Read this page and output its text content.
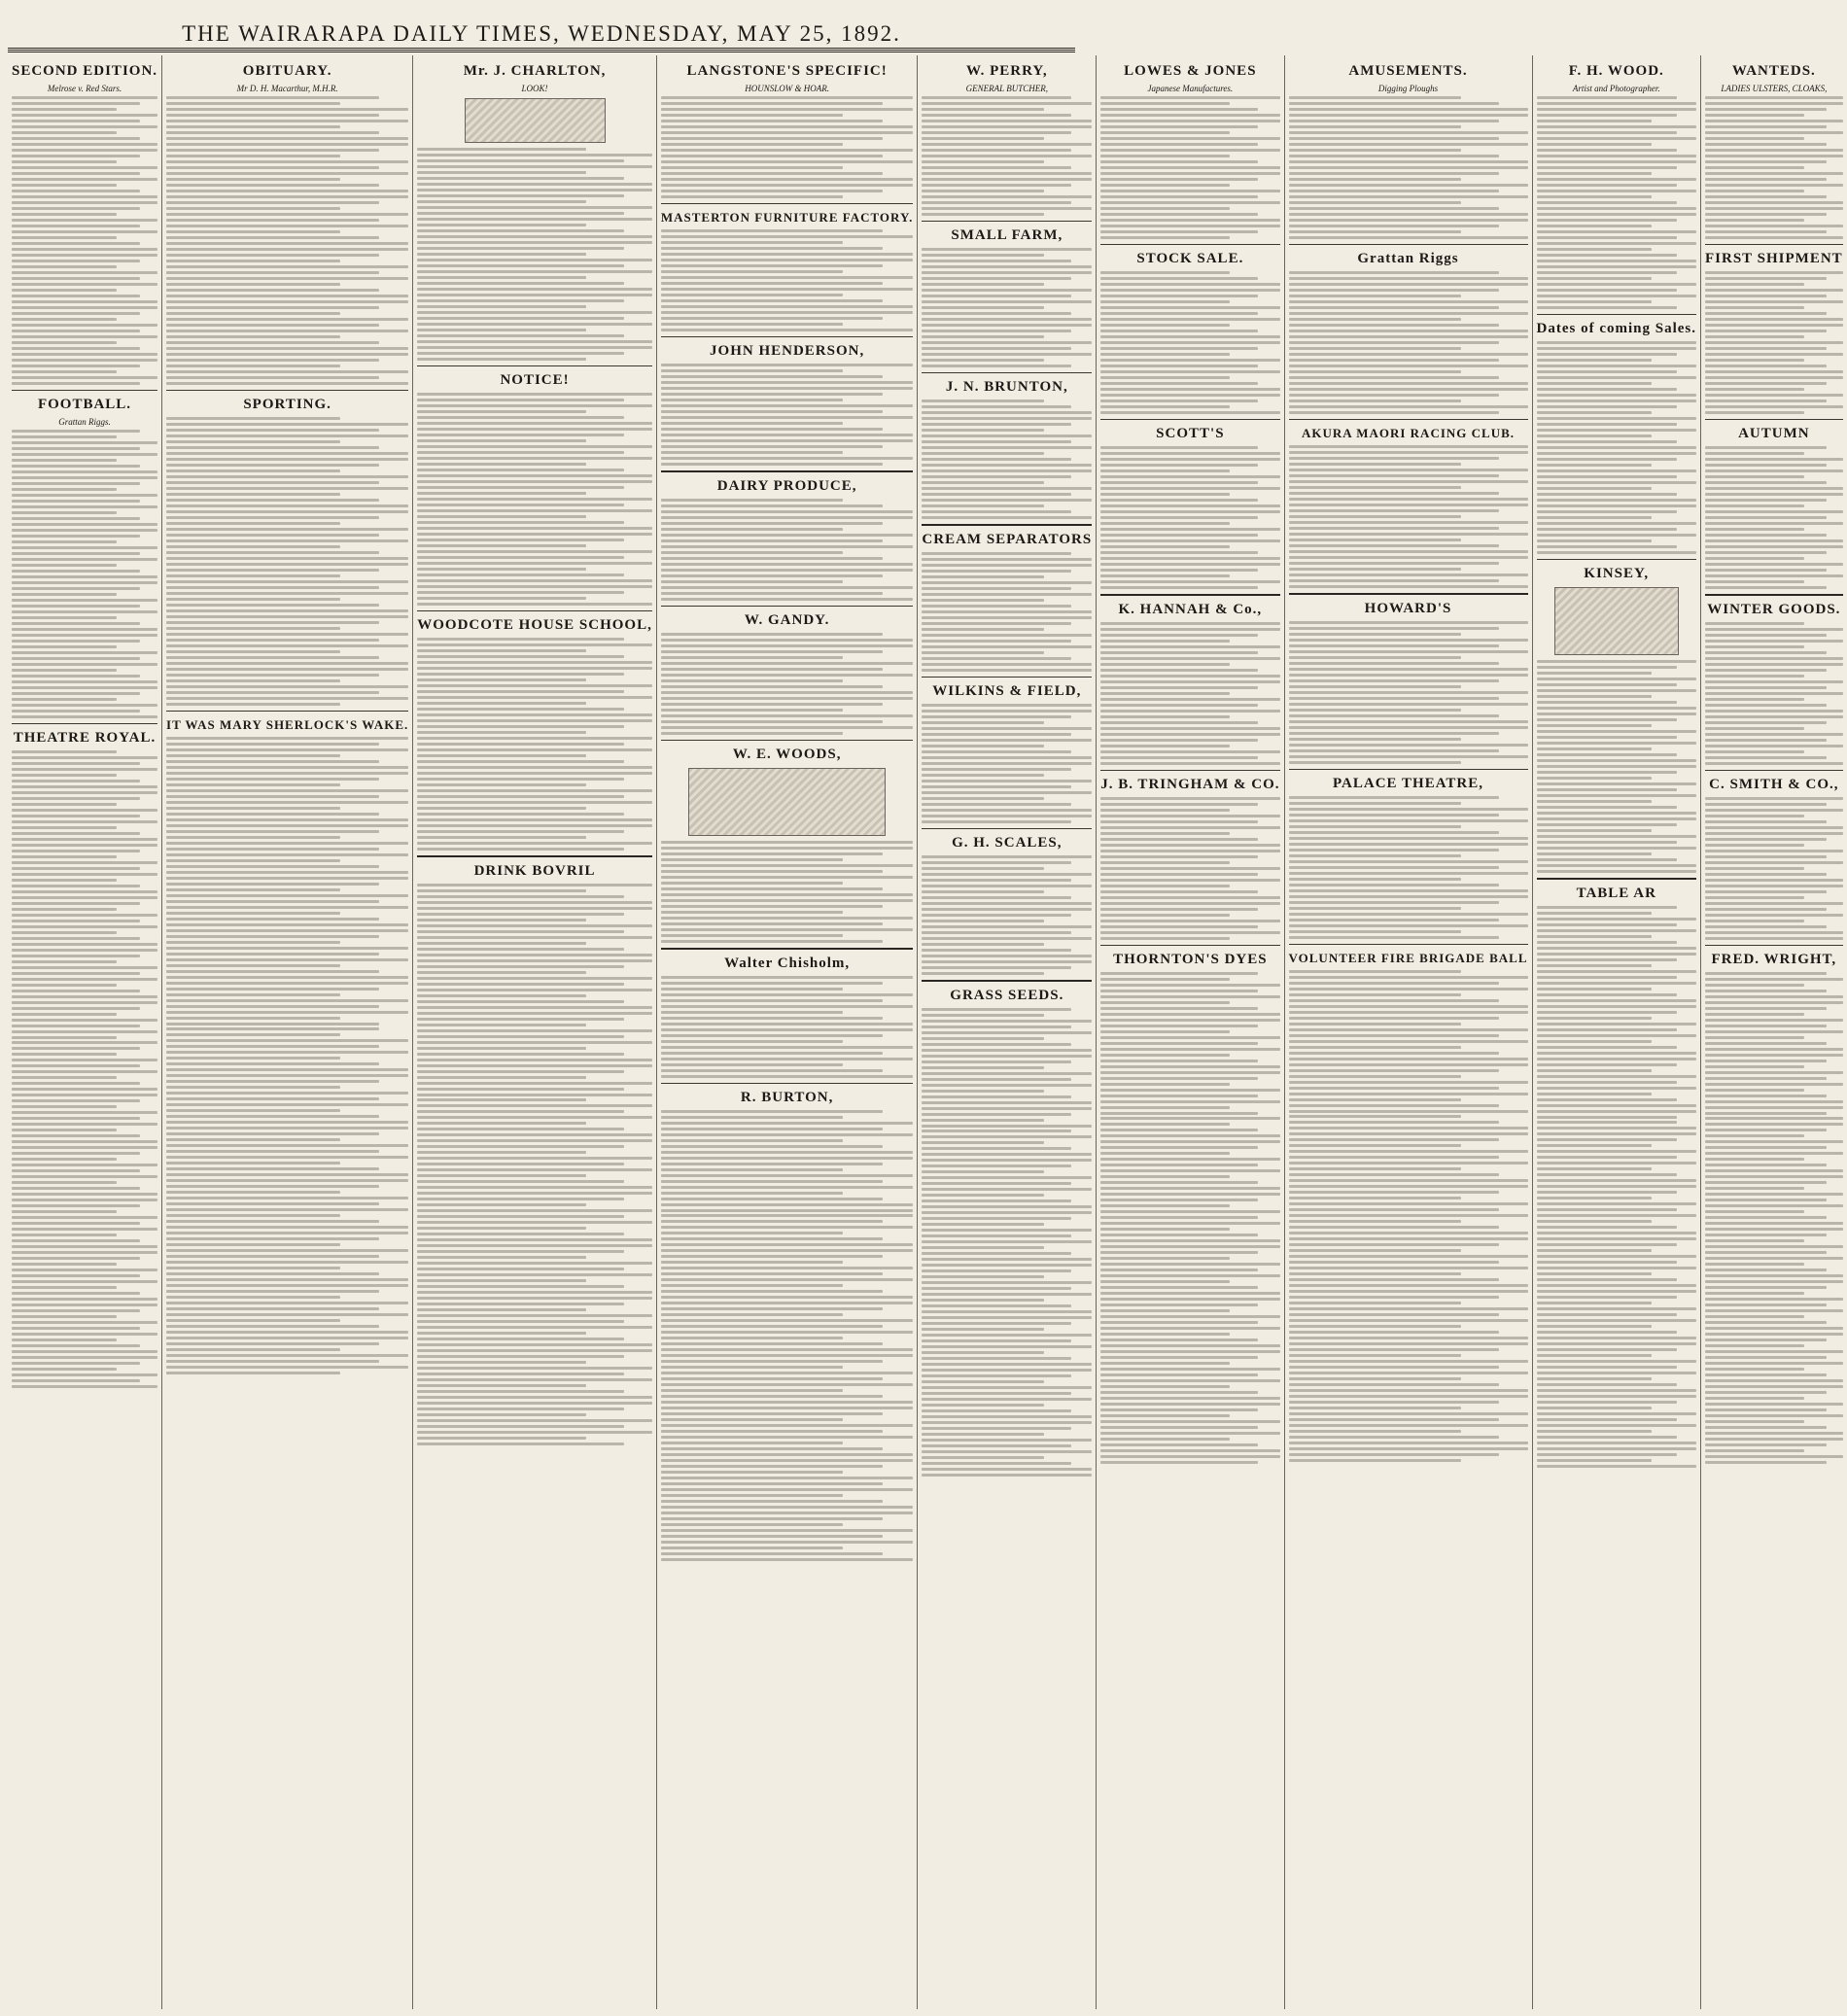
THE WAIRARAPA DAILY TIMES, WEDNESDAY, MAY 25, 1892.
SECOND EDITION.
Melrose v. Red Stars.
FOOTBALL.
Grattan Riggs.
THEATRE ROYAL.
OBITUARY.
Mr D. H. Macarthur, M.H.R.
SPORTING.
IT WAS MARY SHERLOCK'S WAKE.
Mr. J. CHARLTON,
LOOK!
NOTICE!
WOODCOTE HOUSE SCHOOL,
DRINK BOVRIL
LANGSTONE'S SPECIFIC!
HOUNSLOW & HOAR.
MASTERTON FURNITURE FACTORY.
JOHN HENDERSON,
DAIRY PRODUCE,
W. GANDY.
W. E. WOODS,
Walter Chisholm,
R. BURTON,
W. PERRY,
GENERAL BUTCHER,
SMALL FARM,
J. N. BRUNTON,
CREAM SEPARATORS
WILKINS & FIELD,
G. H. SCALES,
GRASS SEEDS.
LOWES & JONES
Japanese Manufactures.
STOCK SALE.
SCOTT'S
K. HANNAH & Co.,
J. B. TRINGHAM & CO.
THORNTON'S DYES
AMUSEMENTS.
Digging Ploughs
Grattan Riggs
AKURA MAORI RACING CLUB.
HOWARD'S
PALACE THEATRE,
VOLUNTEER FIRE BRIGADE BALL
F. H. WOOD.
Artist and Photographer.
Dates of coming Sales.
KINSEY,
TABLE AR
WANTEDS.
LADIES ULSTERS, CLOAKS,
FIRST SHIPMENT
AUTUMN
WINTER GOODS.
C. SMITH & CO.,
FRED. WRIGHT,
